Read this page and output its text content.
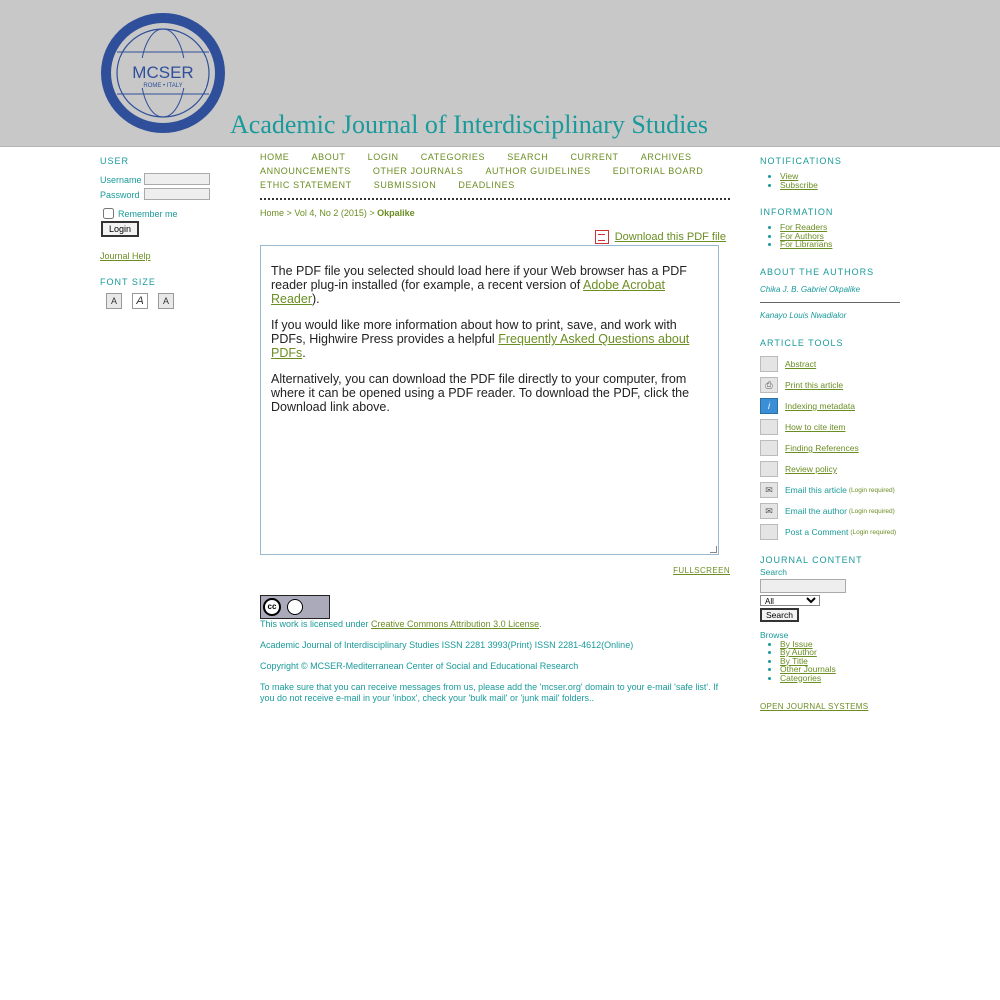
MCSER
ROME • ITALY
Academic Journal of Interdisciplinary Studies
USER
Username	
Password	
Remember me
Login
Journal Help
FONT SIZE
A	A	A
HOME ABOUT LOGIN CATEGORIES SEARCH CURRENT ARCHIVES ANNOUNCEMENTS OTHER JOURNALS AUTHOR GUIDELINES EDITORIAL BOARD ETHIC STATEMENT SUBMISSION DEADLINES
Home > Vol 4, No 2 (2015) > Okpalike
Download this PDF file

The PDF file you selected should load here if your Web browser has a PDF reader plug-in installed (for example, a recent version of Adobe Acrobat Reader).

If you would like more information about how to print, save, and work with PDFs, Highwire Press provides a helpful Frequently Asked Questions about PDFs.

Alternatively, you can download the PDF file directly to your computer, from where it can be opened using a PDF reader. To download the PDF, click the Download link above.

FULLSCREEN
cc

This work is licensed under Creative Commons Attribution 3.0 License.

Academic Journal of Interdisciplinary Studies ISSN 2281 3993(Print) ISSN 2281-4612(Online)

Copyright © MCSER-Mediterranean Center of Social and Educational Research

To make sure that you can receive messages from us, please add the 'mcser.org' domain to your e-mail 'safe list'. If you do not receive e-mail in your 'inbox', check your 'bulk mail' or 'junk mail' folders..

NOTIFICATIONS
• View
• Subscribe
INFORMATION
• For Readers
• For Authors
• For Librarians
ABOUT THE AUTHORS
Chika J. B. Gabriel Okpalike
Kanayo Louis Nwadialor
ARTICLE TOOLS
Abstract
⎙	Print this article
i	Indexing metadata
How to cite item
Finding References
Review policy
✉	Email this article (Login required)
✉	Email the author (Login required)
Post a Comment (Login required)
JOURNAL CONTENT
Search
All
Search
Browse
• By Issue
• By Author
• By Title
• Other Journals
• Categories
OPEN JOURNAL SYSTEMS
